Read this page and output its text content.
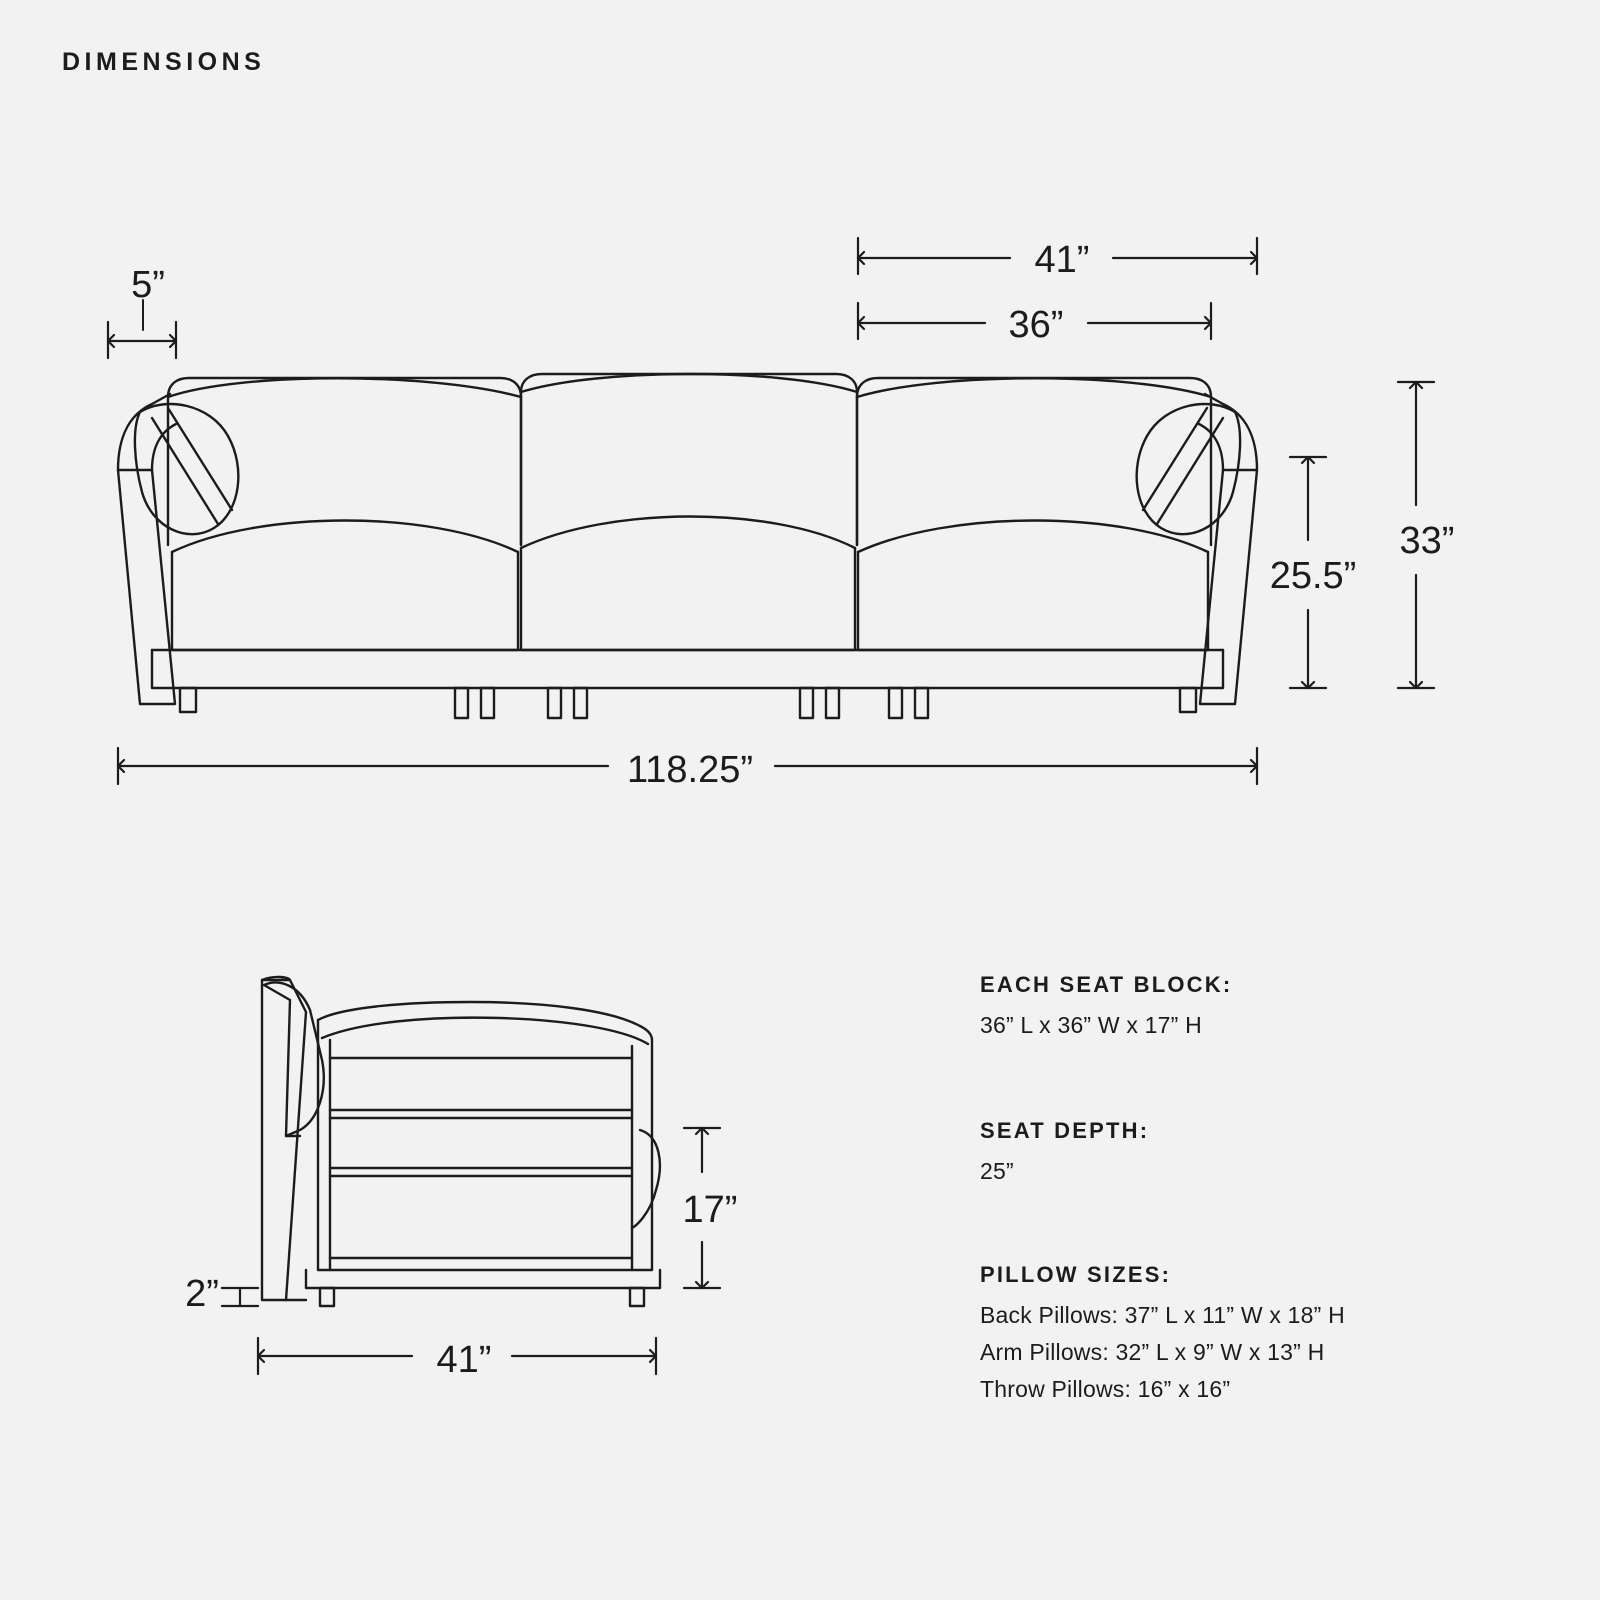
DIMENSIONS
5”
41”
36”
25.5”
33”
118.25”
17”
2”
41”
EACH SEAT BLOCK:
36” L x 36” W x 17” H
SEAT DEPTH:
25”
PILLOW SIZES:
Back Pillows: 37” L x 11” W x 18” H
Arm Pillows: 32” L x 9” W x 13” H
Throw Pillows: 16” x 16”
